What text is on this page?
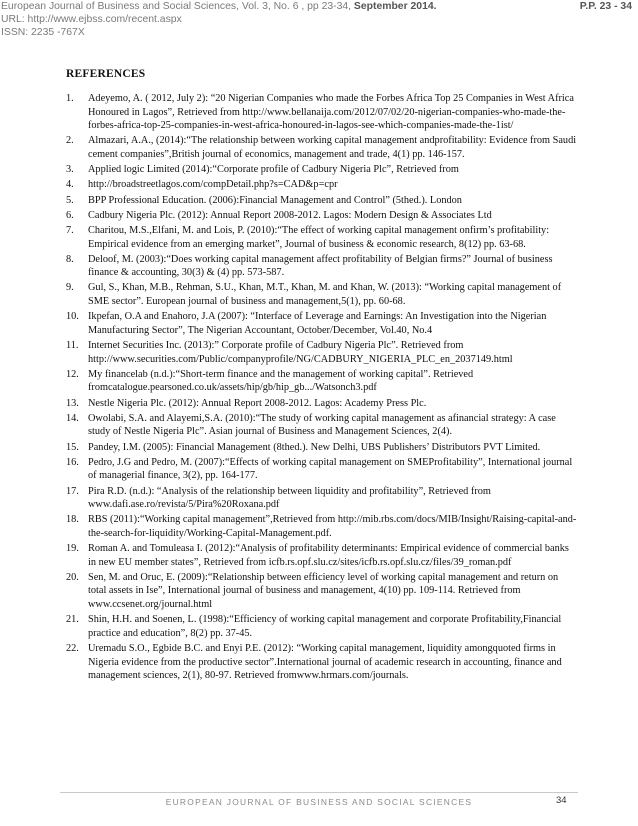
European Journal of Business and Social Sciences, Vol. 3, No. 6 , pp 23-34, September 2014.	P.P. 23 - 34
URL: http://www.ejbss.com/recent.aspx
ISSN: 2235 -767X
REFERENCES
1.	Adeyemo, A. ( 2012, July 2): “20 Nigerian Companies who made the Forbes Africa Top 25 Companies in West Africa Honoured in Lagos”, Retrieved from http://www.bellanaija.com/2012/07/02/20-nigerian-companies-who-made-the-forbes-africa-top-25-companies-in-west-africa-honoured-in-lagos-see-which-companies-made-the-1ist/
2.	Almazari, A.A., (2014):“The relationship between working capital management andprofitability: Evidence from Saudi cement companies”,British journal of economics, management and trade, 4(1) pp. 146-157.
3.	Applied logic Limited (2014):“Corporate profile of Cadbury Nigeria Plc”, Retrieved from
4.	http://broadstreetlagos.com/compDetail.php?s=CAD&p=cpr
5.	BPP Professional Education. (2006):Financial Management and Control” (5thed.). London
6.	Cadbury Nigeria Plc. (2012): Annual Report 2008-2012. Lagos: Modern Design & Associates Ltd
7.	Charitou, M.S.,Elfani, M. and Lois, P. (2010):“The effect of working capital management onfirm’s profitability: Empirical evidence from an emerging market”, Journal of business & economic research, 8(12) pp. 63-68.
8.	Deloof, M. (2003):“Does working capital management affect profitability of Belgian firms?” Journal of business finance & accounting, 30(3) & (4) pp. 573-587.
9.	Gul, S., Khan, M.B., Rehman, S.U., Khan, M.T., Khan, M. and Khan, W. (2013): “Working capital management of SME sector”. European journal of business and management,5(1), pp. 60-68.
10. Ikpefan, O.A and Enahoro, J.A (2007): “Interface of Leverage and Earnings: An Investigation into the Nigerian Manufacturing Sector”, The Nigerian Accountant, October/December, Vol.40, No.4
11. Internet Securities Inc. (2013):” Corporate profile of Cadbury Nigeria Plc”. Retrieved from http://www.securities.com/Public/companyprofile/NG/CADBURY_NIGERIA_PLC_en_2037149.html
12. My financelab (n.d.):“Short-term finance and the management of working capital”. Retrieved fromcatalogue.pearsoned.co.uk/assets/hip/gb/hip_gb.../Watsonch3.pdf
13. Nestle Nigeria Plc. (2012): Annual Report 2008-2012. Lagos: Academy Press Plc.
14. Owolabi, S.A. and Alayemi,S.A. (2010):“The study of working capital management as afinancial strategy: A case study of Nestle Nigeria Plc”. Asian journal of Business and Management Sciences, 2(4).
15. Pandey, I.M. (2005): Financial Management (8thed.). New Delhi, UBS Publishers’ Distributors PVT Limited.
16. Pedro, J.G and Pedro, M. (2007):“Effects of working capital management on SMEProfitability”, International journal of managerial finance, 3(2), pp. 164-177.
17. Pira R.D. (n.d.): “Analysis of the relationship between liquidity and profitability”, Retrieved from www.dafi.ase.ro/revista/5/Pira%20Roxana.pdf
18. RBS (2011):“Working capital management”,Retrieved from http://mib.rbs.com/docs/MIB/Insight/Raising-capital-and-the-search-for-liquidity/Working-Capital-Management.pdf.
19. Roman A. and Tomuleasa I. (2012):“Analysis of profitability determinants: Empirical evidence of commercial banks in new EU member states”, Retrieved from icfb.rs.opf.slu.cz/sites/icfb.rs.opf.slu.cz/files/39_roman.pdf
20. Sen, M. and Oruc, E. (2009):“Relationship between efficiency level of working capital management and return on total assets in Ise”, International journal of business and management, 4(10) pp. 109-114. Retrieved from www.ccsenet.org/journal.html
21. Shin, H.H. and Soenen, L. (1998):“Efficiency of working capital management and corporate Profitability,Financial practice and education”, 8(2) pp. 37-45.
22. Uremadu S.O., Egbide B.C. and Enyi P.E. (2012): “Working capital management, liquidity amongquoted firms in Nigeria evidence from the productive sector”.International journal of academic research in accounting, finance and management sciences, 2(1), 80-97. Retrieved fromwww.hrmars.com/journals.
EUROPEAN JOURNAL OF BUSINESS AND SOCIAL SCIENCES	34
